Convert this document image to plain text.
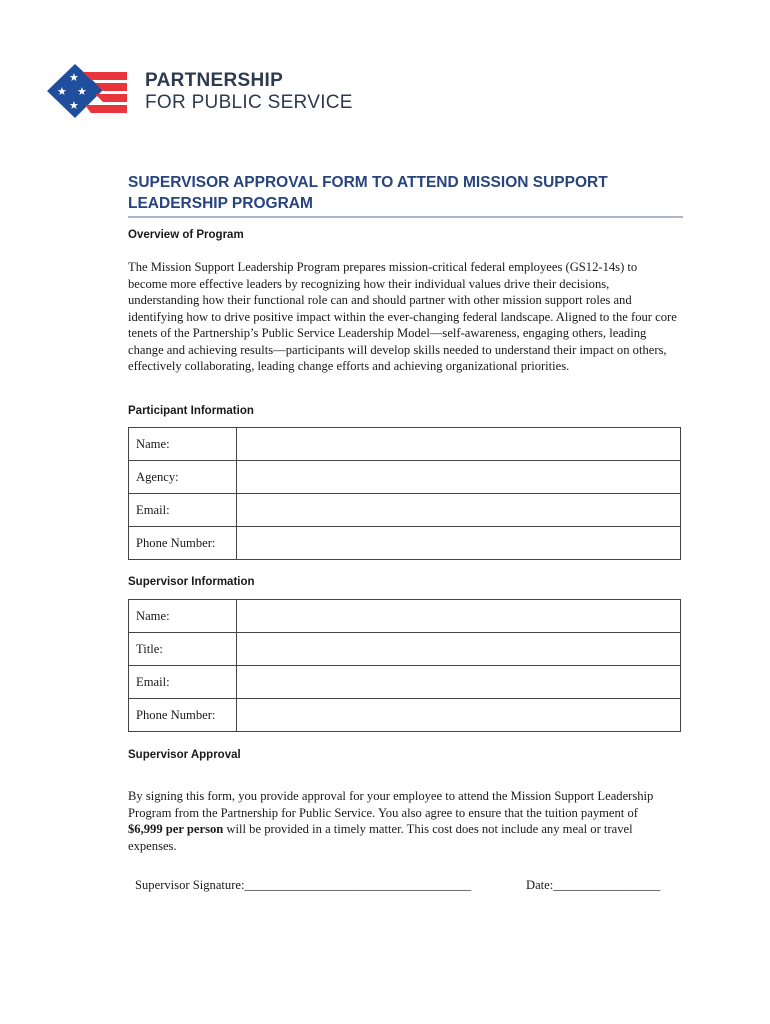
★
★ ★
★
PARTNERSHIP
FOR PUBLIC SERVICE
SUPERVISOR APPROVAL FORM TO ATTEND MISSION SUPPORT LEADERSHIP PROGRAM
Overview of Program

The Mission Support Leadership Program prepares mission-critical federal employees (GS12-14s) to become more effective leaders by recognizing how their individual values drive their decisions, understanding how their functional role can and should partner with other mission support roles and identifying how to drive positive impact within the ever-changing federal landscape. Aligned to the four core tenets of the Partnership’s Public Service Leadership Model—self-awareness, engaging others, leading change and achieving results—participants will develop skills needed to understand their impact on others, effectively collaborating, leading change efforts and achieving organizational priorities.

Participant Information
Name:	
Agency:	
Email:	
Phone Number:	
Supervisor Information
Name:	
Title:	
Email:	
Phone Number:	
Supervisor Approval

By signing this form, you provide approval for your employee to attend the Mission Support Leadership Program from the Partnership for Public Service. You also agree to ensure that the tuition payment of $6,999 per person will be provided in a timely matter. This cost does not include any meal or travel expenses.

Supervisor Signature:____________________________________	Date:_________________
